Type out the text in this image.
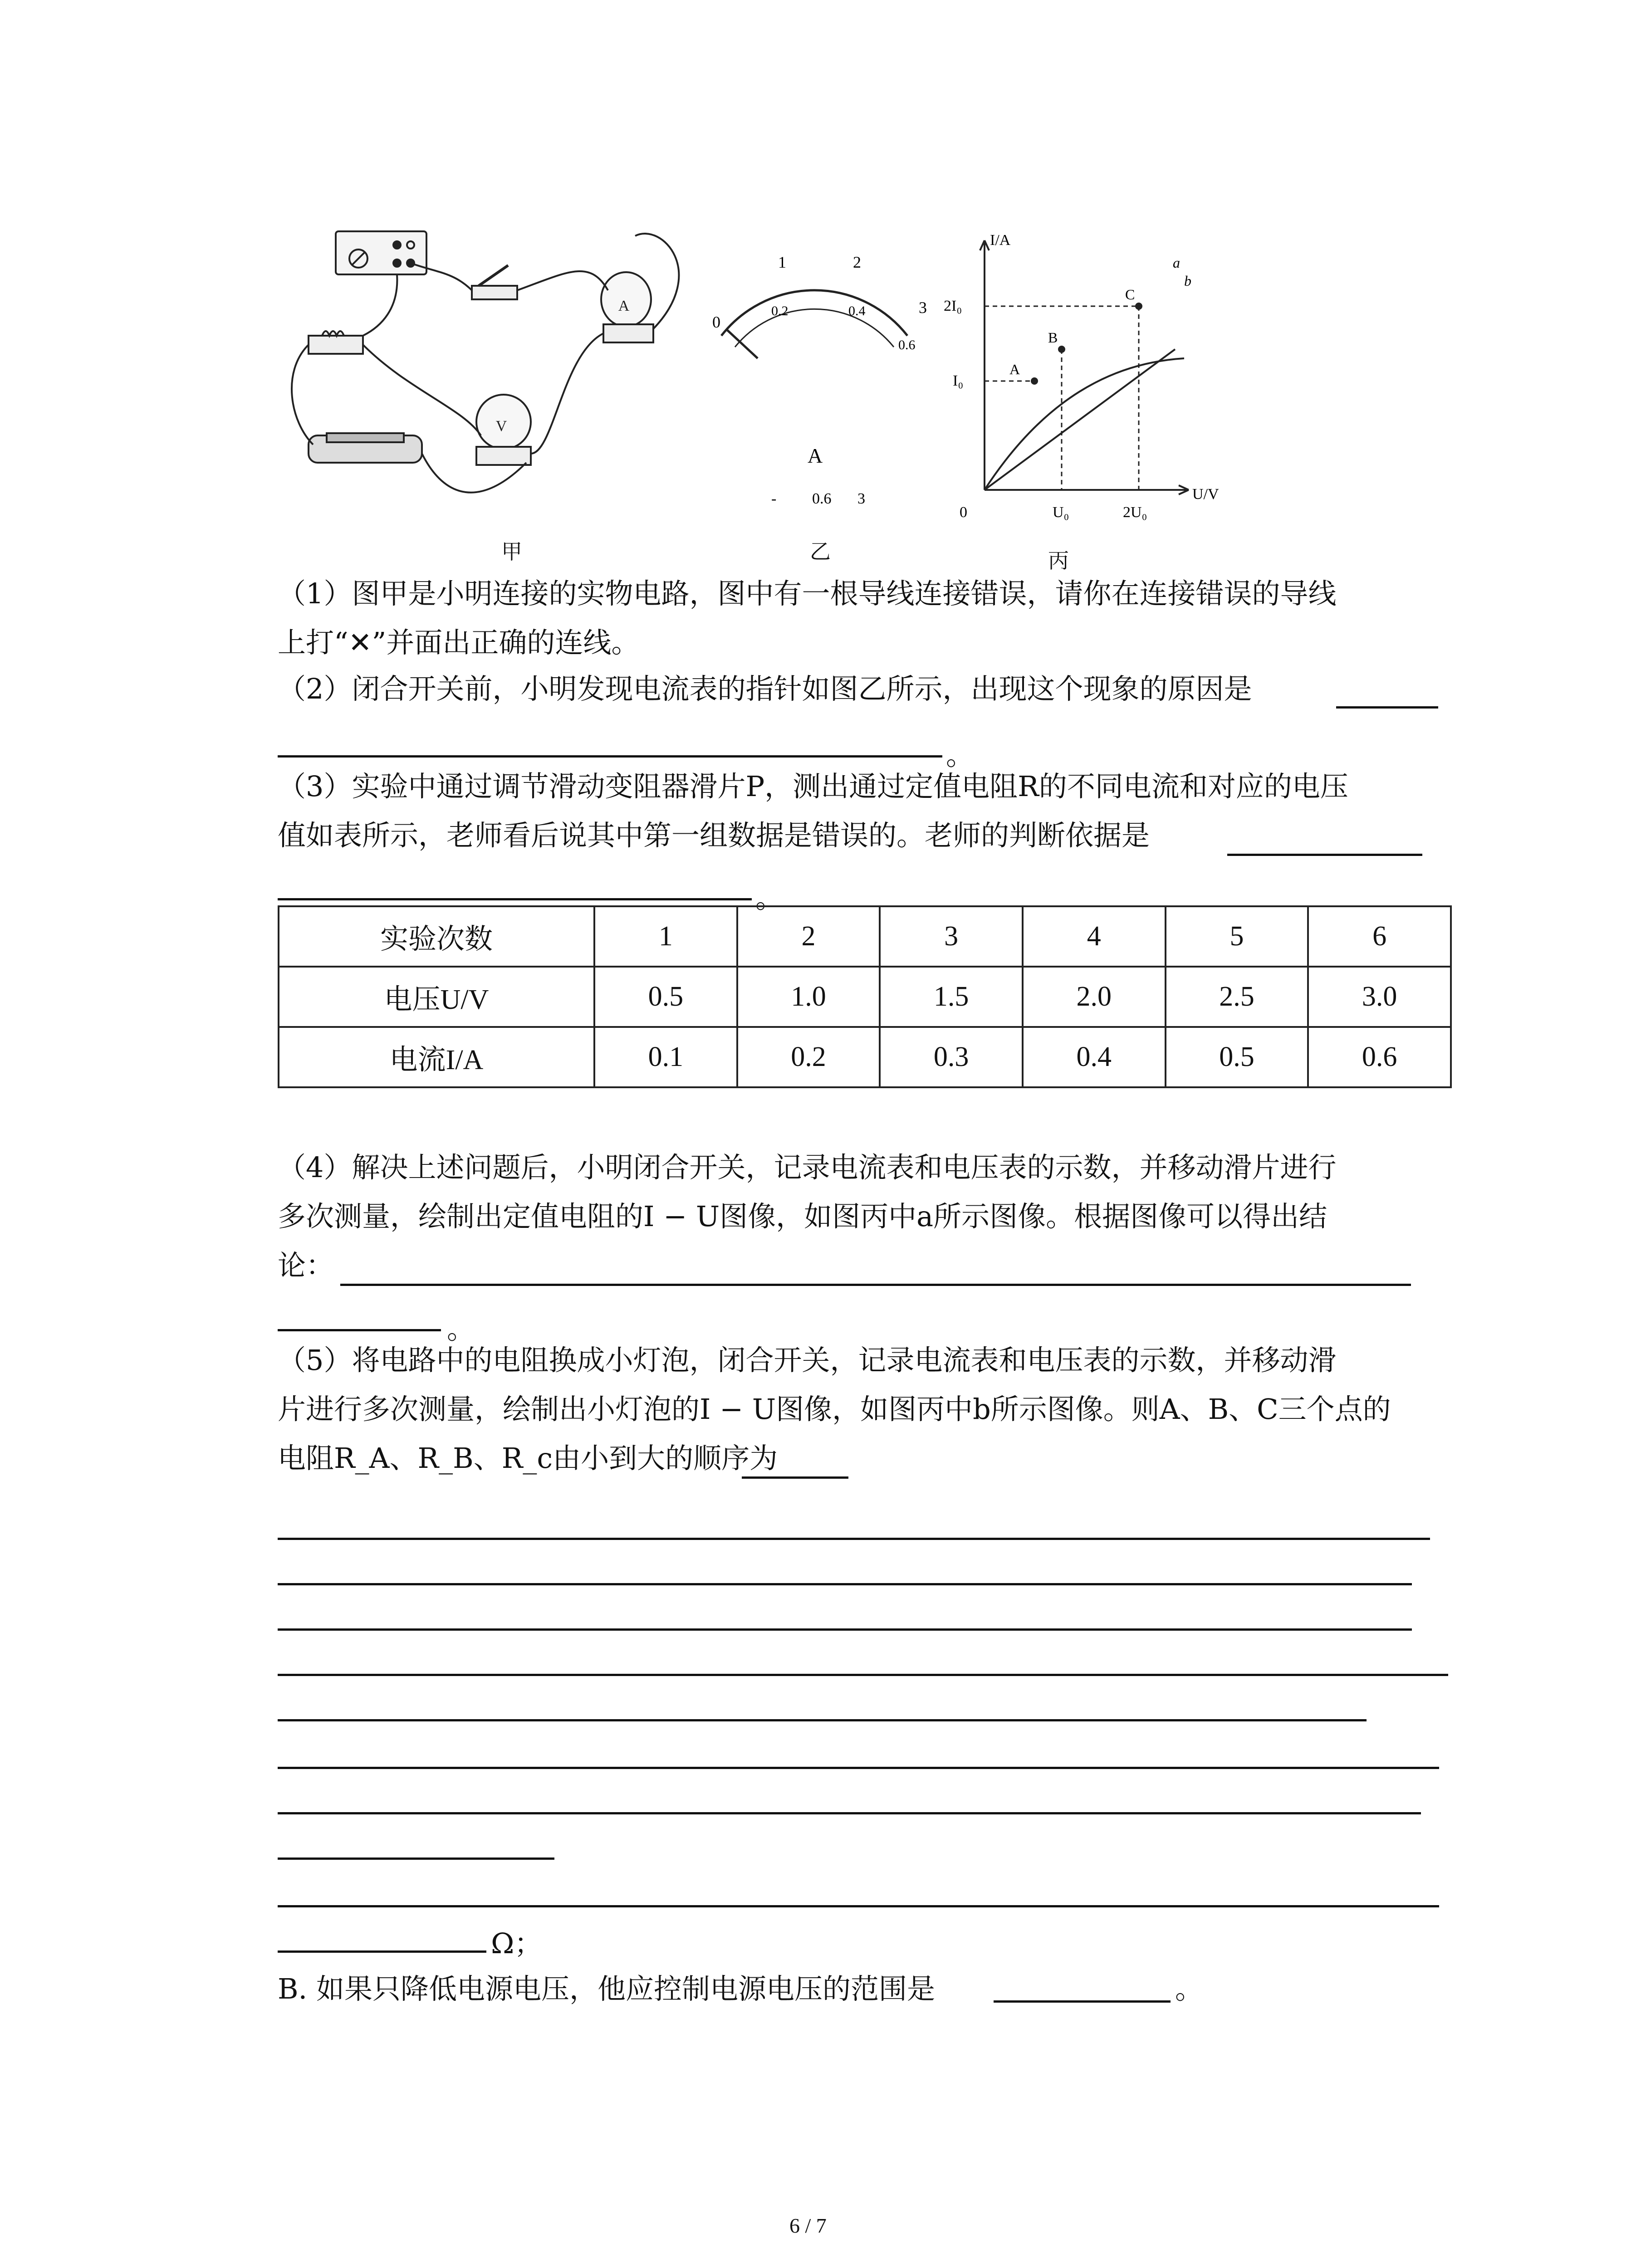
A
V
0
1	2
3
0.2	0.4
0.6
A
- 0.6 3
I/A
U/V
0
2I₀
I₀
U₀	2U₀
A
B
C
a
b
甲	乙	丙
（1）图甲是小明连接的实物电路，图中有一根导线连接错误，请你在连接错误的导线
上打“✕”并面出正确的连线。
（2）闭合开关前，小明发现电流表的指针如图乙所示，出现这个现象的原因是
。
（3）实验中通过调节滑动变阻器滑片P，测出通过定值电阻R的不同电流和对应的电压
值如表所示，老师看后说其中第一组数据是错误的。老师的判断依据是
。
实验次数	1	2	3	4	5	6
电压U/V	0.5	1.0	1.5	2.0	2.5	3.0
电流I/A	0.1	0.2	0.3	0.4	0.5	0.6
（4）解决上述问题后，小明闭合开关，记录电流表和电压表的示数，并移动滑片进行
多次测量，绘制出定值电阻的I − U图像，如图丙中a所示图像。根据图像可以得出结
论：
。
（5）将电路中的电阻换成小灯泡，闭合开关，记录电流表和电压表的示数，并移动滑
片进行多次测量，绘制出小灯泡的I − U图像，如图丙中b所示图像。则A、B、C三个点的
电阻R_A、R_B、R_c由小到大的顺序为
Ω；
B. 如果只降低电源电压，他应控制电源电压的范围是	。
6 / 7
